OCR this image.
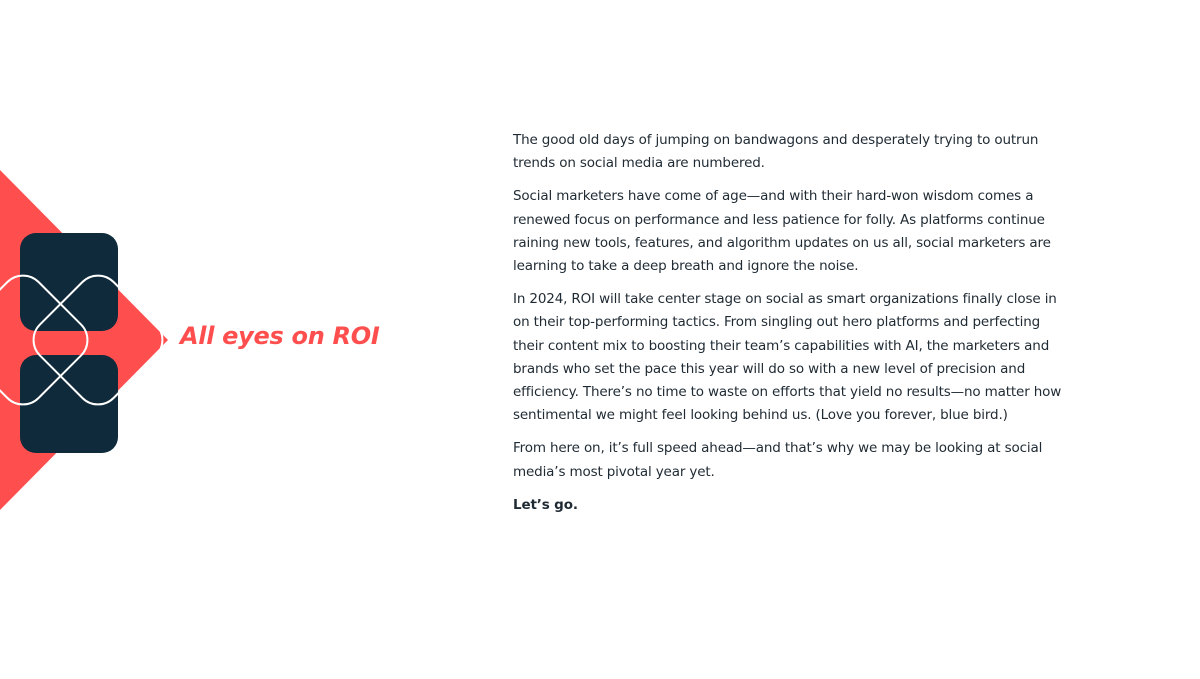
All eyes on ROI

The good old days of jumping on bandwagons and desperately trying to outrun trends on social media are numbered.

Social marketers have come of age—and with their hard-won wisdom comes a renewed focus on performance and less patience for folly. As platforms continue raining new tools, features, and algorithm updates on us all, social marketers are learning to take a deep breath and ignore the noise.

In 2024, ROI will take center stage on social as smart organizations finally close in on their top-performing tactics. From singling out hero platforms and perfecting their content mix to boosting their team’s capabilities with AI, the marketers and brands who set the pace this year will do so with a new level of precision and efficiency. There’s no time to waste on efforts that yield no results—no matter how sentimental we might feel looking behind us. (Love you forever, blue bird.)

From here on, it’s full speed ahead—and that’s why we may be looking at social media’s most pivotal year yet.

Let’s go.
